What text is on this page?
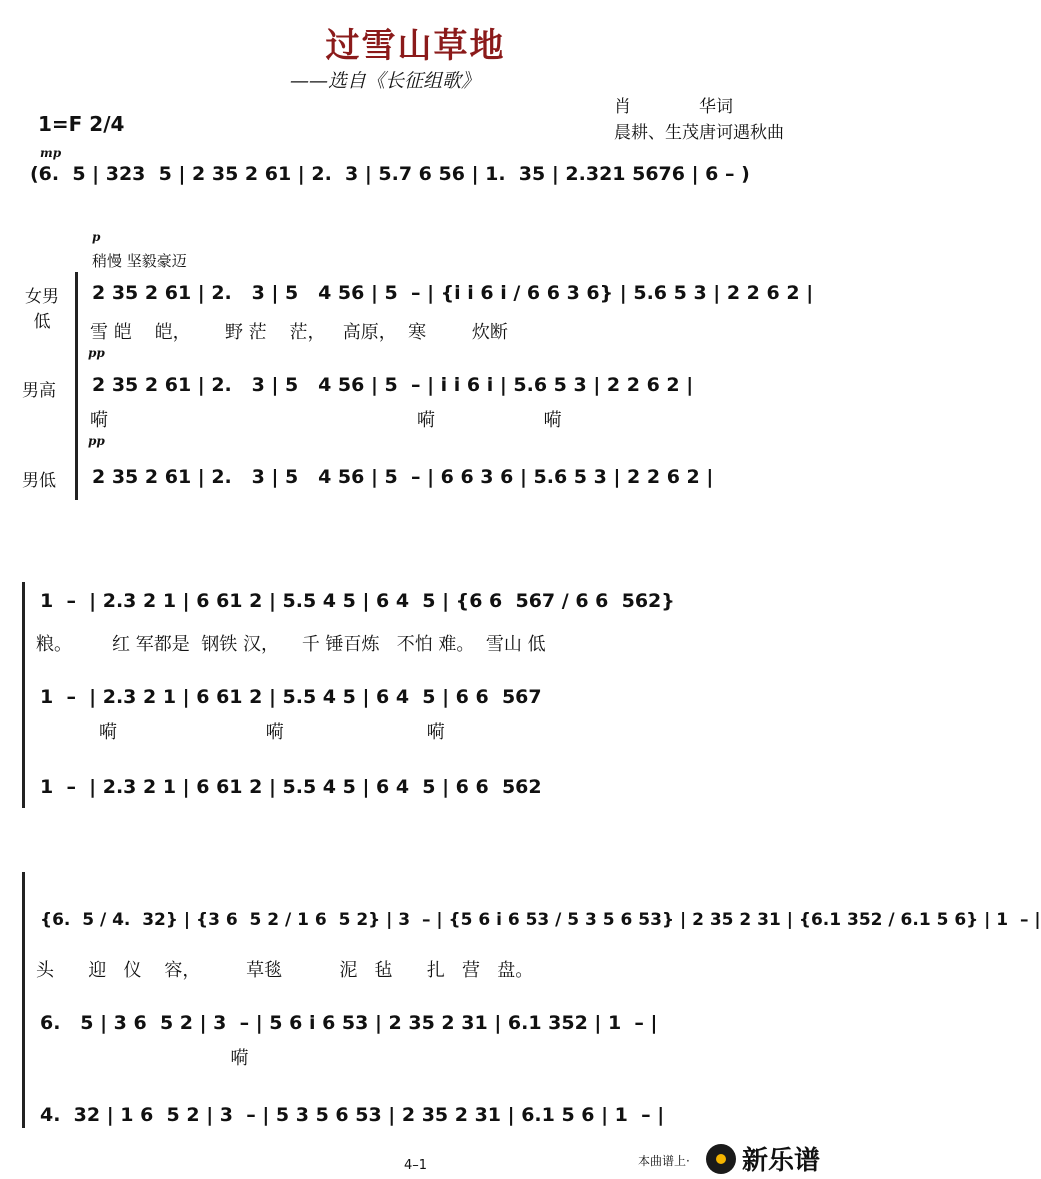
过雪山草地
——选自《长征组歌》
肖　　　　华词
晨耕、生茂唐诃遇秋曲
1=F 2/4
mp
(6.  5 | 323  5 | 2 35 2 61 | 2.  3 | 5.7 6 56 | 1.  35 | 2.321 5676 | 6 – )
p
稍慢 坚毅豪迈
女男低
2 35 2 61 | 2.   3 | 5   4 56 | 5  – | {i i 6 i / 6 6 3 6} | 5.6 5 3 | 2 2 6 2 |
雪 皑    皑，      野 茫    茫，   高原，  寒        炊断
pp
男高 2 35 2 61 | 2.   3 | 5   4 56 | 5  – | i i 6 i | 5.6 5 3 | 2 2 6 2 |
嗬                                                      嗬                   嗬
pp
男低 2 35 2 61 | 2.   3 | 5   4 56 | 5  – | 6 6 3 6 | 5.6 5 3 | 2 2 6 2 |
1  –  | 2.3 2 1 | 6 61 2 | 5.5 4 5 | 6 4  5 | {6 6  567 / 6 6  562}
粮。       红 军都是  钢铁 汉，    千 锤百炼   不怕 难。  雪山 低
1  –  | 2.3 2 1 | 6 61 2 | 5.5 4 5 | 6 4  5 | 6 6  567
嗬                          嗬                         嗬
1  –  | 2.3 2 1 | 6 61 2 | 5.5 4 5 | 6 4  5 | 6 6  562
{6.  5 / 4.  32} | {3 6  5 2 / 1 6  5 2} | 3  – | {5 6 i 6 53 / 5 3 5 6 53} | 2 35 2 31 | {6.1 352 / 6.1 5 6} | 1  – |
头      迎   仪    容，        草毯          泥   毡      扎   营   盘。
6.   5 | 3 6  5 2 | 3  – | 5 6 i 6 53 | 2 35 2 31 | 6.1 352 | 1  – |
嗬
4.  32 | 1 6  5 2 | 3  – | 5 3 5 6 53 | 2 35 2 31 | 6.1 5 6 | 1  – |
4–1	本曲谱上· 新乐谱
